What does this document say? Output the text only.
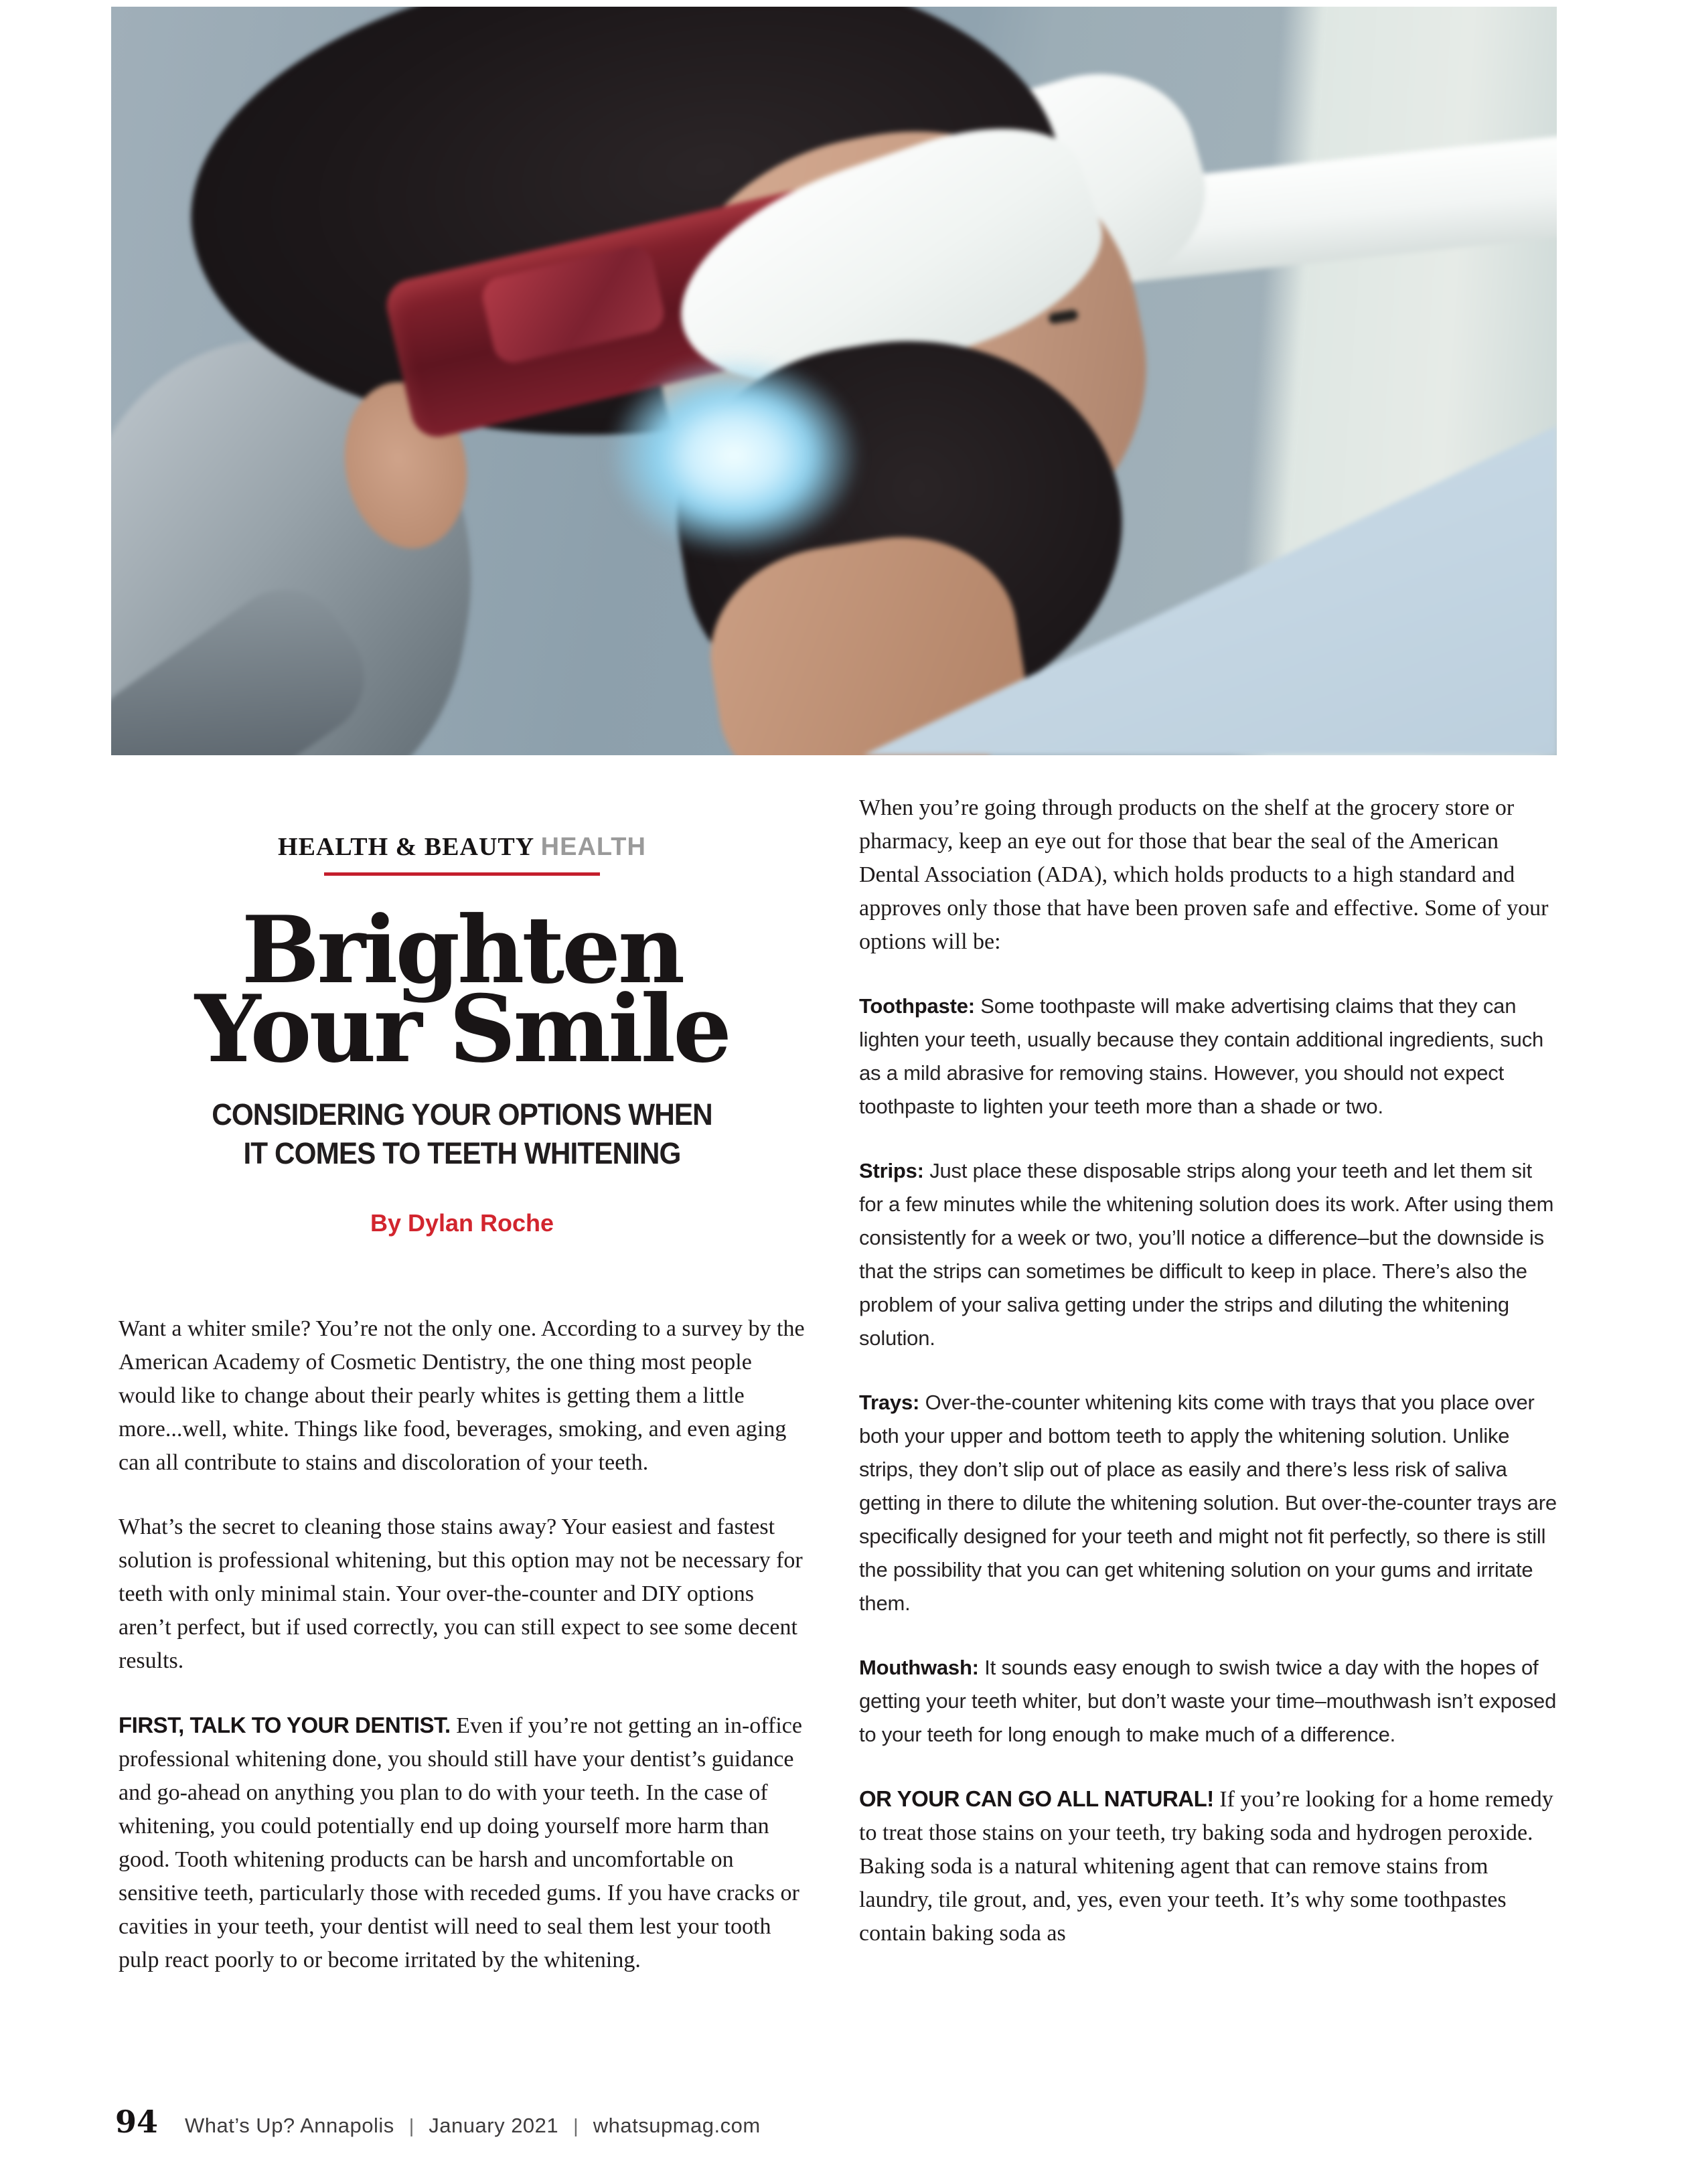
HEALTH & BEAUTY HEALTH
Brighten
Your Smile
CONSIDERING YOUR OPTIONS WHEN
IT COMES TO TEETH WHITENING
By Dylan Roche

Want a whiter smile? You’re not the only one. According to a survey by the American Academy of Cosmetic Dentistry, the one thing most people would like to change about their pearly whites is getting them a little more...well, white. Things like food, beverages, smoking, and even aging can all contribute to stains and discoloration of your teeth.

What’s the secret to cleaning those stains away? Your easiest and fastest solution is professional whitening, but this option may not be necessary for teeth with only minimal stain. Your over-the-counter and DIY options aren’t perfect, but if used correctly, you can still expect to see some decent results.

FIRST, TALK TO YOUR DENTIST. Even if you’re not getting an in-office professional whitening done, you should still have your dentist’s guidance and go-ahead on anything you plan to do with your teeth. In the case of whitening, you could potentially end up doing yourself more harm than good. Tooth whitening products can be harsh and uncomfortable on sensitive teeth, particularly those with receded gums. If you have cracks or cavities in your teeth, your dentist will need to seal them lest your tooth pulp react poorly to or become irritated by the whitening.

When you’re going through products on the shelf at the grocery store or pharmacy, keep an eye out for those that bear the seal of the American Dental Association (ADA), which holds products to a high standard and approves only those that have been proven safe and effective. Some of your options will be:

Toothpaste: Some toothpaste will make advertising claims that they can lighten your teeth, usually because they contain additional ingredients, such as a mild abrasive for removing stains. However, you should not expect toothpaste to lighten your teeth more than a shade or two.

Strips: Just place these disposable strips along your teeth and let them sit for a few minutes while the whitening solution does its work. After using them consistently for a week or two, you’ll notice a difference–but the downside is that the strips can sometimes be difficult to keep in place. There’s also the problem of your saliva getting under the strips and diluting the whitening solution.

Trays: Over-the-counter whitening kits come with trays that you place over both your upper and bottom teeth to apply the whitening solution. Unlike strips, they don’t slip out of place as easily and there’s less risk of saliva getting in there to dilute the whitening solution. But over-the-counter trays are specifically designed for your teeth and might not fit perfectly, so there is still the possibility that you can get whitening solution on your gums and irritate them.

Mouthwash: It sounds easy enough to swish twice a day with the hopes of getting your teeth whiter, but don’t waste your time–mouthwash isn’t exposed to your teeth for long enough to make much of a difference.

OR YOUR CAN GO ALL NATURAL! If you’re looking for a home remedy to treat those stains on your teeth, try baking soda and hydrogen peroxide. Baking soda is a natural whitening agent that can remove stains from laundry, tile grout, and, yes, even your teeth. It’s why some toothpastes contain baking soda as

94 What’s Up? Annapolis | January 2021 | whatsupmag.com
